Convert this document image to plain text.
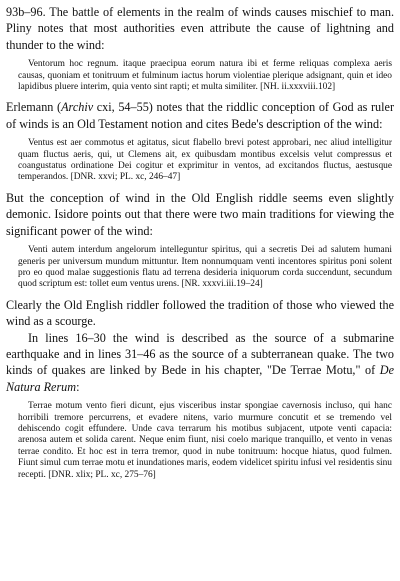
93b–96. The battle of elements in the realm of winds causes mischief to man. Pliny notes that most authorities even attribute the cause of lightning and thunder to the wind:

Ventorum hoc regnum. itaque praecipua eorum natura ibi et ferme reliquas complexa aeris causas, quoniam et tonitruum et fulminum iactus horum violentiae plerique adsignant, quin et ideo lapidibus pluere interim, quia vento sint rapti; et multa similiter. [NH. ii.xxxviii.102]

Erlemann (Archiv cxi, 54–55) notes that the riddlic conception of God as ruler of winds is an Old Testament notion and cites Bede's description of the wind:

Ventus est aer commotus et agitatus, sicut flabello brevi potest approbari, nec aliud intelligitur quam fluctus aeris, qui, ut Clemens ait, ex quibusdam montibus excelsis velut compressus et coangustatus ordinatione Dei cogitur et exprimitur in ventos, ad excitandos fluctus, aestusque temperandos. [DNR. xxvi; PL. xc, 246–47]

But the conception of wind in the Old English riddle seems even slightly demonic. Isidore points out that there were two main traditions for viewing the significant power of the wind:

Venti autem interdum angelorum intelleguntur spiritus, qui a secretis Dei ad salutem humani generis per universum mundum mittuntur. Item nonnumquam venti incentores spiritus poni solent pro eo quod malae suggestionis flatu ad terrena desideria iniquorum corda succendunt, secundum quod scriptum est: tollet eum ventus urens. [NR. xxxvi.iii.19–24]

Clearly the Old English riddler followed the tradition of those who viewed the wind as a scourge.

In lines 16–30 the wind is described as the source of a submarine earthquake and in lines 31–46 as the source of a subterranean quake. The two kinds of quakes are linked by Bede in his chapter, "De Terrae Motu," of De Natura Rerum:

Terrae motum vento fieri dicunt, ejus visceribus instar spongiae cavernosis incluso, qui hanc horribili tremore percurrens, et evadere nitens, vario murmure concutit et se tremendo vel dehiscendo cogit effundere. Unde cava terrarum his motibus subjacent, utpote venti capacia: arenosa autem et solida carent. Neque enim fiunt, nisi coelo marique tranquillo, et vento in venas terrae condito. Et hoc est in terra tremor, quod in nube tonitruum: hocque hiatus, quod fulmen. Fiunt simul cum terrae motu et inundationes maris, eodem videlicet spiritu infusi vel residentis sinu recepti. [DNR. xlix; PL. xc, 275–76]
